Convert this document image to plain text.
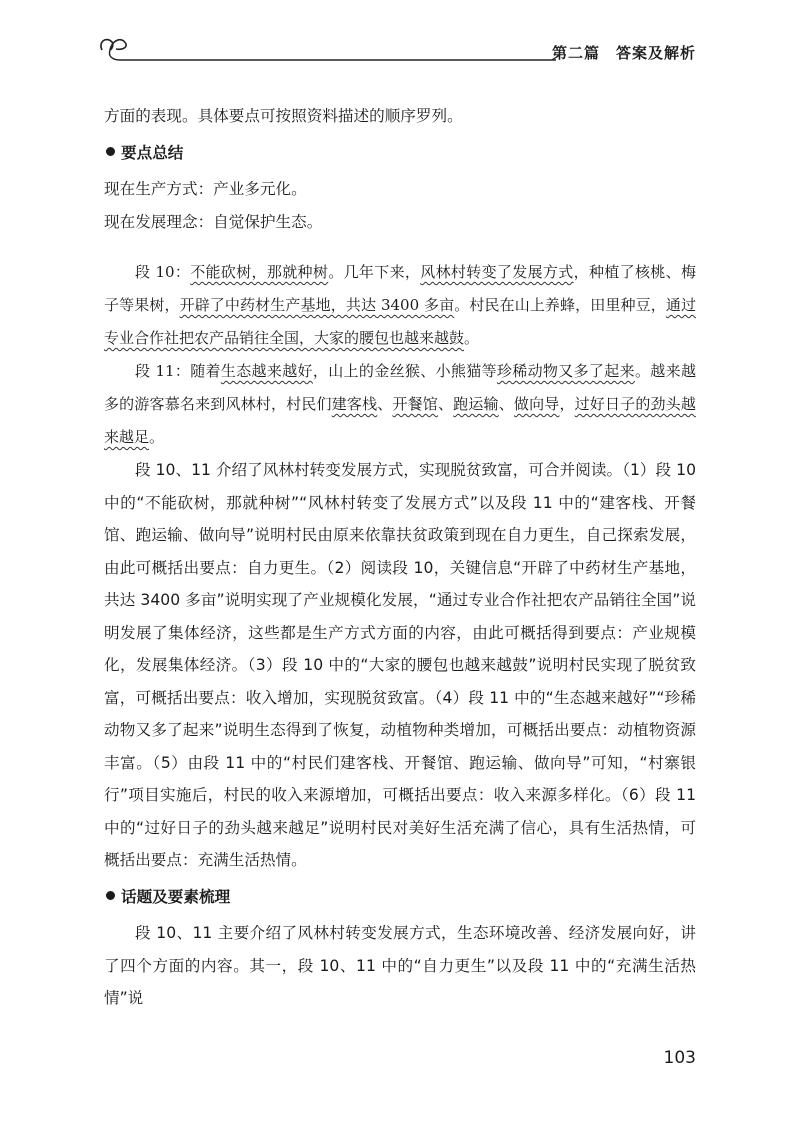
第二篇　答案及解析

方面的表现。具体要点可按照资料描述的顺序罗列。

要点总结

现在生产方式：产业多元化。

现在发展理念：自觉保护生态。

段 10：不能砍树，那就种树。几年下来，风林村转变了发展方式，种植了核桃、梅子等果树，开辟了中药材生产基地，共达 3400 多亩。村民在山上养蜂，田里种豆，通过专业合作社把农产品销往全国，大家的腰包也越来越鼓。

段 11：随着生态越来越好，山上的金丝猴、小熊猫等珍稀动物又多了起来。越来越多的游客慕名来到风林村，村民们建客栈、开餐馆、跑运输、做向导，过好日子的劲头越来越足。

段 10、11 介绍了风林村转变发展方式，实现脱贫致富，可合并阅读。（1）段 10 中的“不能砍树，那就种树”“风林村转变了发展方式”以及段 11 中的“建客栈、开餐馆、跑运输、做向导”说明村民由原来依靠扶贫政策到现在自力更生，自己探索发展，由此可概括出要点：自力更生。（2）阅读段 10，关键信息“开辟了中药材生产基地，共达 3400 多亩”说明实现了产业规模化发展，“通过专业合作社把农产品销往全国”说明发展了集体经济，这些都是生产方式方面的内容，由此可概括得到要点：产业规模化，发展集体经济。（3）段 10 中的“大家的腰包也越来越鼓”说明村民实现了脱贫致富，可概括出要点：收入增加，实现脱贫致富。（4）段 11 中的“生态越来越好”“珍稀动物又多了起来”说明生态得到了恢复，动植物种类增加，可概括出要点：动植物资源丰富。（5）由段 11 中的“村民们建客栈、开餐馆、跑运输、做向导”可知，“村寨银行”项目实施后，村民的收入来源增加，可概括出要点：收入来源多样化。（6）段 11 中的“过好日子的劲头越来越足”说明村民对美好生活充满了信心，具有生活热情，可概括出要点：充满生活热情。

话题及要素梳理

段 10、11 主要介绍了风林村转变发展方式，生态环境改善、经济发展向好，讲了四个方面的内容。其一，段 10、11 中的“自力更生”以及段 11 中的“充满生活热情”说

103
